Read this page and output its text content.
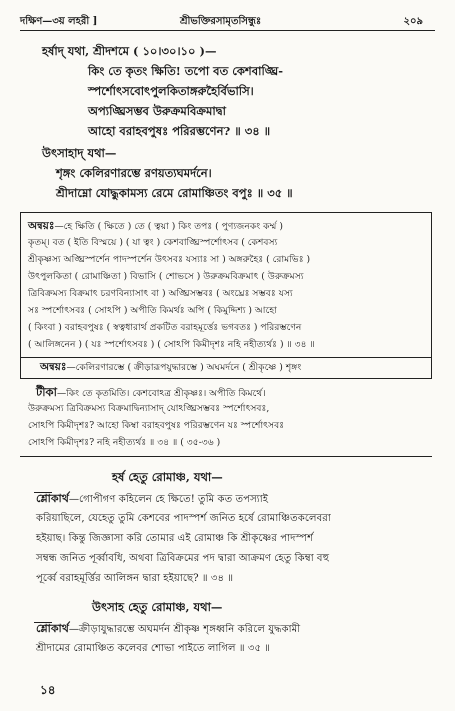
দক্ষিণ—৩য় লহরী ]	শ্রীভক্তিরসামৃতসিন্ধুঃ	২০৯
হর্ষাদ্ যথা, শ্রীদশমে ( ১০।৩০।১০ )—
কিং তে কৃতং ক্ষিতি! তপো বত কেশবাঙ্ঘ্রি-
স্পর্শোৎসবোৎপুলকিতাঙ্গরুহৈর্বিভাসি।
অপ্যঙ্ঘ্রিসম্ভব উরুক্রমবিক্রমাদ্বা
আহো বরাহবপুষঃ পরিরম্ভণেন? ॥ ৩৪ ॥
উৎসাহাদ্ যথা—
শৃঙ্গং কেলিরণারম্ভে রণয়ত্যঘমর্দনে।
শ্রীদাম্নো যোদ্ধুকামস্য রেমে রোমাঞ্চিতং বপুঃ ॥ ৩৫ ॥
অন্বয়ঃ—হে ক্ষিতি ( ক্ষিতে ) তে ( ত্বয়া ) কিং তপঃ ( পুণ্যজনকং কর্ম্ম )
কৃতম্। বত ( ইতি বিস্ময়ে ) ( যা ত্বং ) কেশবাঙ্ঘ্রিস্পর্শোৎসব ( কেশবস্য
শ্রীকৃষ্ণস্য অঙ্ঘ্রিস্পর্শেন পাদস্পর্শেন উৎসবঃ যস্যাঃ সা ) অঙ্গরুহৈঃ ( রোমভিঃ )
উৎপুলকিতা ( রোমাঞ্চিতা ) বিভাসি ( শোভসে ) উরুক্রমবিক্রমাৎ ( উরুক্রমস্য
ত্রিবিক্রমস্য বিক্রমাৎ চরণবিন্যাসাৎ বা ) অঙ্ঘ্রিসম্ভবঃ ( অংঘ্রেঃ সম্ভবঃ যস্য
সঃ স্পর্শোৎসবঃ ( সোঽপি ) অপীতি কিমর্থঃ অপি ( কিমুদ্দিশ্য ) আহো
( কিংবা ) বরাহবপুষঃ ( স্বত্বধারার্থ প্রকটিত বরাহমূর্ত্তেঃ ভগবতঃ ) পরিরম্ভণেন
( আলিঙ্গনেন ) ( যঃ স্পর্শোৎসবঃ ) ( সোঽপি কিমীদৃশঃ নহি নহীত্যর্থঃ ) ॥ ৩৪ ॥
অন্বয়ঃ—কেলিরণারম্ভে ( ক্রীড়ারূপযুদ্ধারম্ভে ) অঘমর্দনে ( শ্রীকৃষ্ণে ) শৃঙ্গং
টীকা—কিং তে কৃতমিতি। কেশবোঽত্র শ্রীকৃষ্ণঃ। অপীতি কিমর্থে।
উরুক্রমস্য ত্রিবিক্রমস্য বিক্রমাদ্বিন্যাসাদ্ যোঽঙ্ঘ্রিসম্ভবঃ স্পর্শোৎসবঃ,
সোঽপি কিমীদৃশঃ? আহো কিম্বা বরাহবপুষঃ পরিরম্ভণেন যঃ স্পর্শোৎসবঃ
সোঽপি কিমীদৃশঃ? নহি নহীত্যর্থঃ ॥ ৩৪ ॥ ( ৩৫-৩৬ )
হর্ষ হেতু রোমাঞ্চ, যথা—
শ্লোকার্থ—গোপীগণ কহিলেন হে ক্ষিতে! তুমি কত তপস্যাই
করিয়াছিলে, যেহেতু তুমি কেশবের পাদস্পর্শ জনিত হর্ষে রোমাঞ্চিতকলেবরা
হইয়াছ। কিন্তু জিজ্ঞাসা করি তোমার এই রোমাঞ্চ কি শ্রীকৃষ্ণের পাদস্পর্শ
সম্বন্ধ জনিত পূর্ব্বাবধি, অথবা ত্রিবিক্রমের পদ দ্বারা আক্রমণ হেতু কিম্বা বহু
পূর্ব্বে বরাহমূর্ত্তির আলিঙ্গন দ্বারা হইয়াছে? ॥ ৩৪ ॥
উৎসাহ হেতু রোমাঞ্চ, যথা—
শ্লোকার্থ—ক্রীড়াযুদ্ধারম্ভে অঘমর্দন শ্রীকৃষ্ণ শৃঙ্গধ্বনি করিলে যুদ্ধকামী
শ্রীদামের রোমাঞ্চিত কলেবর শোভা পাইতে লাগিল ॥ ৩৫ ॥
১৪
